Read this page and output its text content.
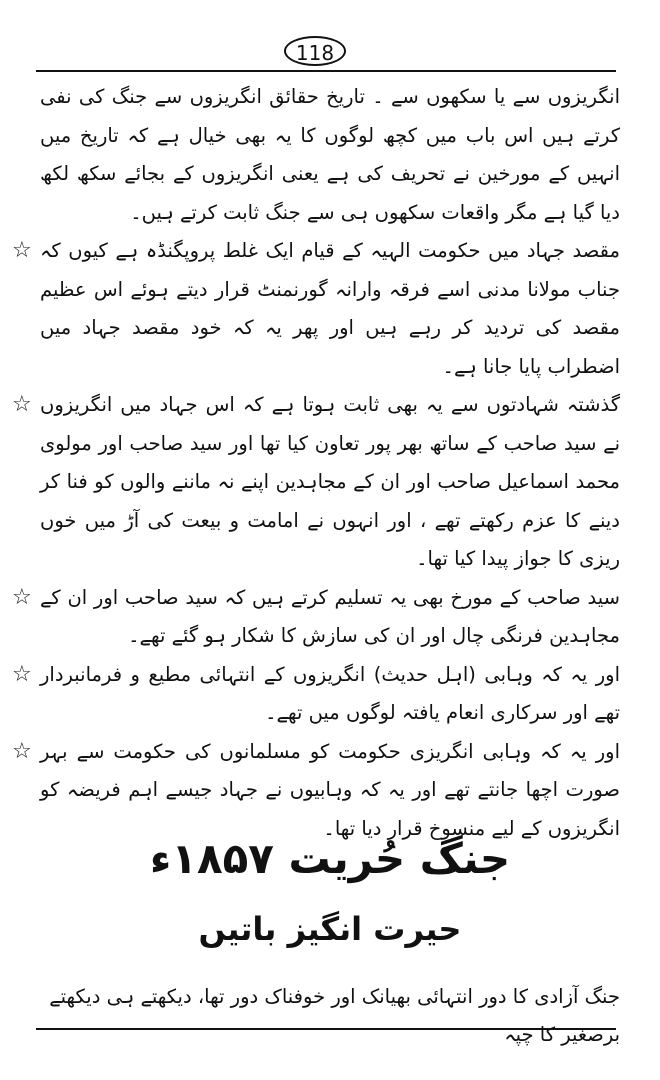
118

انگریزوں سے یا سکھوں سے ۔ تاریخ حقائق انگریزوں سے جنگ کی نفی کرتے ہیں اس باب میں کچھ لوگوں کا یہ بھی خیال ہے کہ تاریخ میں انہیں کے مورخین نے تحریف کی ہے یعنی انگریزوں کے بجائے سکھ لکھ دیا گیا ہے مگر واقعات سکھوں ہی سے جنگ ثابت کرتے ہیں۔

☆ مقصد جہاد میں حکومت الہیہ کے قیام ایک غلط پروپگنڈہ ہے کیوں کہ جناب مولانا مدنی اسے فرقہ وارانہ گورنمنٹ قرار دیتے ہوئے اس عظیم مقصد کی تردید کر رہے ہیں اور پھر یہ کہ خود مقصد جہاد میں اضطراب پایا جانا ہے۔
☆ گذشتہ شہادتوں سے یہ بھی ثابت ہوتا ہے کہ اس جہاد میں انگریزوں نے سید صاحب کے ساتھ بھر پور تعاون کیا تھا اور سید صاحب اور مولوی محمد اسماعیل صاحب اور ان کے مجاہدین اپنے نہ ماننے والوں کو فنا کر دینے کا عزم رکھتے تھے ، اور انہوں نے امامت و بیعت کی آڑ میں خوں ریزی کا جواز پیدا کیا تھا۔
☆ سید صاحب کے مورخ بھی یہ تسلیم کرتے ہیں کہ سید صاحب اور ان کے مجاہدین فرنگی چال اور ان کی سازش کا شکار ہو گئے تھے۔
☆ اور یہ کہ وہابی (اہل حدیث) انگریزوں کے انتہائی مطیع و فرمانبردار تھے اور سرکاری انعام یافتہ لوگوں میں تھے۔
☆ اور یہ کہ وہابی انگریزی حکومت کو مسلمانوں کی حکومت سے بہر صورت اچھا جانتے تھے اور یہ کہ وہابیوں نے جہاد جیسے اہم فریضہ کو انگریزوں کے لیے منسوخ قرار دیا تھا۔
جنگ حُریت ۱۸۵۷ء
حیرت انگیز باتیں

جنگ آزادی کا دور انتہائی بھیانک اور خوفناک دور تھا، دیکھتے ہی دیکھتے برصغیر کا چپہ
